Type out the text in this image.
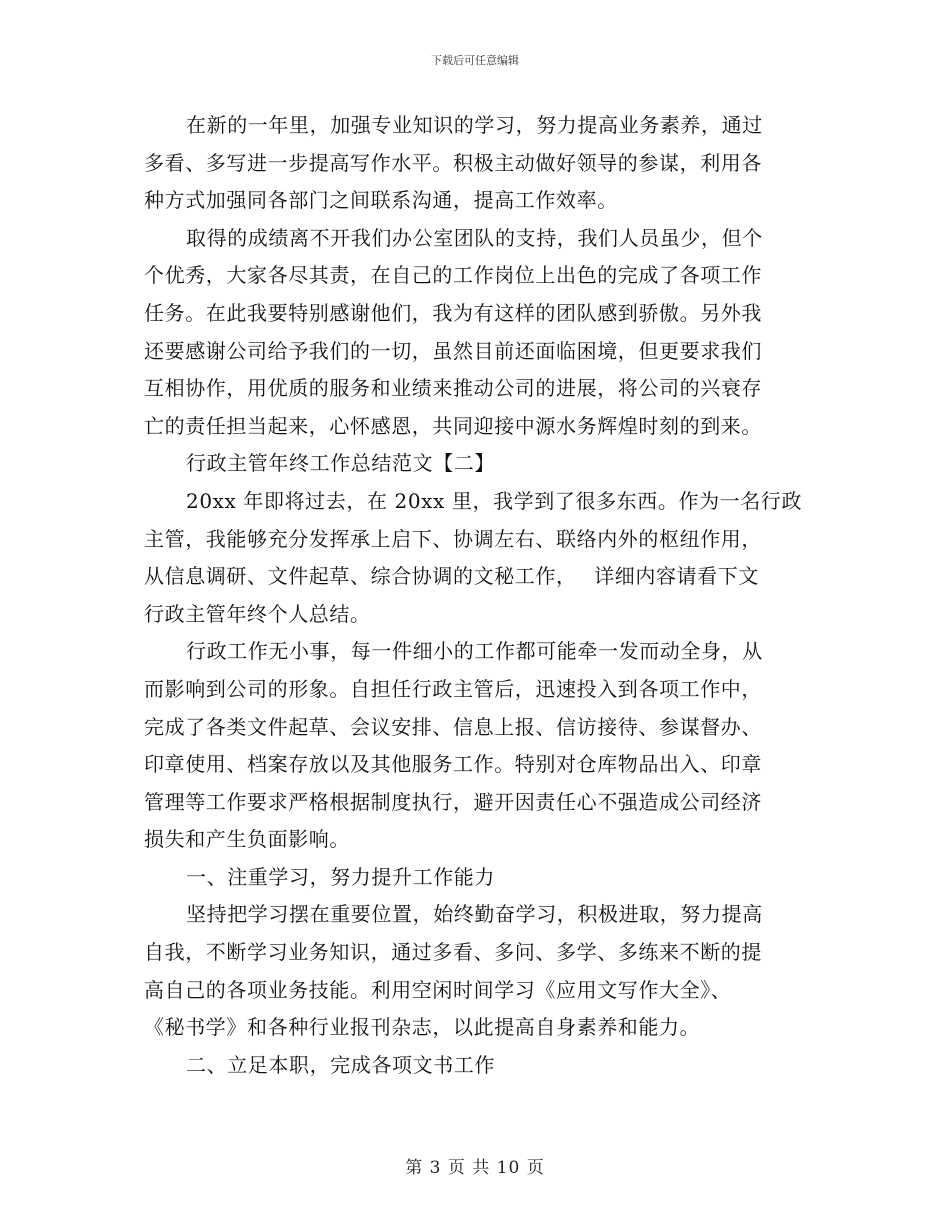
下载后可任意编辑
在新的一年里，加强专业知识的学习，努力提高业务素养，通过
多看、多写进一步提高写作水平。积极主动做好领导的参谋，利用各
种方式加强同各部门之间联系沟通，提高工作效率。
取得的成绩离不开我们办公室团队的支持，我们人员虽少，但个
个优秀，大家各尽其责，在自己的工作岗位上出色的完成了各项工作
任务。在此我要特别感谢他们，我为有这样的团队感到骄傲。另外我
还要感谢公司给予我们的一切，虽然目前还面临困境，但更要求我们
互相协作，用优质的服务和业绩来推动公司的进展，将公司的兴衰存
亡的责任担当起来，心怀感恩，共同迎接中源水务辉煌时刻的到来。
行政主管年终工作总结范文【二】
20xx 年即将过去，在 20xx 里，我学到了很多东西。作为一名行政
主管，我能够充分发挥承上启下、协调左右、联络内外的枢纽作用，
从信息调研、文件起草、综合协调的文秘工作，　 详细内容请看下文
行政主管年终个人总结。
行政工作无小事，每一件细小的工作都可能牵一发而动全身，从
而影响到公司的形象。自担任行政主管后，迅速投入到各项工作中，
完成了各类文件起草、会议安排、信息上报、信访接待、参谋督办、
印章使用、档案存放以及其他服务工作。特别对仓库物品出入、印章
管理等工作要求严格根据制度执行，避开因责任心不强造成公司经济
损失和产生负面影响。
一、注重学习，努力提升工作能力
坚持把学习摆在重要位置，始终勤奋学习，积极进取，努力提高
自我，不断学习业务知识，通过多看、多问、多学、多练来不断的提
高自己的各项业务技能。利用空闲时间学习《应用文写作大全》、
《秘书学》和各种行业报刊杂志，以此提高自身素养和能力。
二、立足本职，完成各项文书工作
第 3 页 共 10 页
